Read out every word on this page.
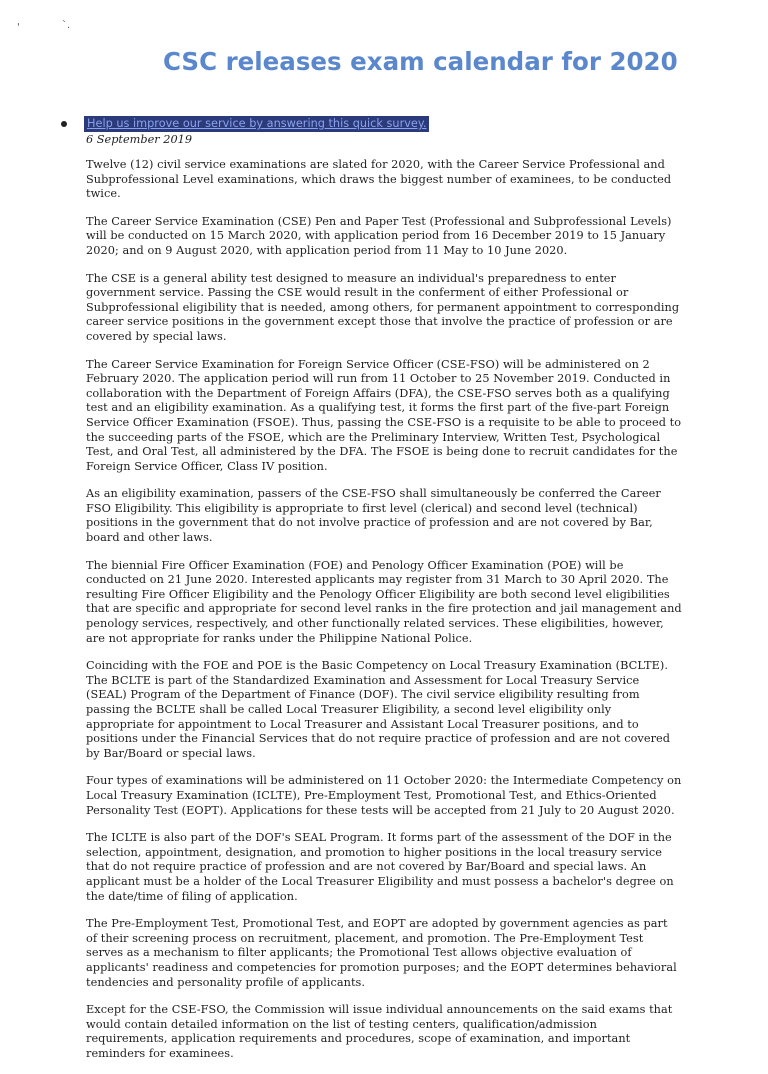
'	`.
CSC releases exam calendar for 2020
Help us improve our service by answering this quick survey.
6 September 2019

Twelve (12) civil service examinations are slated for 2020, with the Career Service Professional and Subprofessional Level examinations, which draws the biggest number of examinees, to be conducted twice.

The Career Service Examination (CSE) Pen and Paper Test (Professional and Subprofessional Levels) will be conducted on 15 March 2020, with application period from 16 December 2019 to 15 January 2020; and on 9 August 2020, with application period from 11 May to 10 June 2020.

The CSE is a general ability test designed to measure an individual's preparedness to enter government service. Passing the CSE would result in the conferment of either Professional or Subprofessional eligibility that is needed, among others, for permanent appointment to corresponding career service positions in the government except those that involve the practice of profession or are covered by special laws.

The Career Service Examination for Foreign Service Officer (CSE-FSO) will be administered on 2 February 2020. The application period will run from 11 October to 25 November 2019. Conducted in collaboration with the Department of Foreign Affairs (DFA), the CSE-FSO serves both as a qualifying test and an eligibility examination. As a qualifying test, it forms the first part of the five-part Foreign Service Officer Examination (FSOE). Thus, passing the CSE-FSO is a requisite to be able to proceed to the succeeding parts of the FSOE, which are the Preliminary Interview, Written Test, Psychological Test, and Oral Test, all administered by the DFA. The FSOE is being done to recruit candidates for the Foreign Service Officer, Class IV position.

As an eligibility examination, passers of the CSE-FSO shall simultaneously be conferred the Career FSO Eligibility. This eligibility is appropriate to first level (clerical) and second level (technical) positions in the government that do not involve practice of profession and are not covered by Bar, board and other laws.

The biennial Fire Officer Examination (FOE) and Penology Officer Examination (POE) will be conducted on 21 June 2020. Interested applicants may register from 31 March to 30 April 2020. The resulting Fire Officer Eligibility and the Penology Officer Eligibility are both second level eligibilities that are specific and appropriate for second level ranks in the fire protection and jail management and penology services, respectively, and other functionally related services. These eligibilities, however, are not appropriate for ranks under the Philippine National Police.

Coinciding with the FOE and POE is the Basic Competency on Local Treasury Examination (BCLTE). The BCLTE is part of the Standardized Examination and Assessment for Local Treasury Service (SEAL) Program of the Department of Finance (DOF). The civil service eligibility resulting from passing the BCLTE shall be called Local Treasurer Eligibility, a second level eligibility only appropriate for appointment to Local Treasurer and Assistant Local Treasurer positions, and to positions under the Financial Services that do not require practice of profession and are not covered by Bar/Board or special laws.

Four types of examinations will be administered on 11 October 2020: the Intermediate Competency on Local Treasury Examination (ICLTE), Pre-Employment Test, Promotional Test, and Ethics-Oriented Personality Test (EOPT). Applications for these tests will be accepted from 21 July to 20 August 2020.

The ICLTE is also part of the DOF's SEAL Program. It forms part of the assessment of the DOF in the selection, appointment, designation, and promotion to higher positions in the local treasury service that do not require practice of profession and are not covered by Bar/Board and special laws. An applicant must be a holder of the Local Treasurer Eligibility and must possess a bachelor's degree on the date/time of filing of application.

The Pre-Employment Test, Promotional Test, and EOPT are adopted by government agencies as part of their screening process on recruitment, placement, and promotion. The Pre-Employment Test serves as a mechanism to filter applicants; the Promotional Test allows objective evaluation of applicants' readiness and competencies for promotion purposes; and the EOPT determines behavioral tendencies and personality profile of applicants.

Except for the CSE-FSO, the Commission will issue individual announcements on the said exams that would contain detailed information on the list of testing centers, qualification/admission requirements, application requirements and procedures, scope of examination, and important reminders for examinees.
